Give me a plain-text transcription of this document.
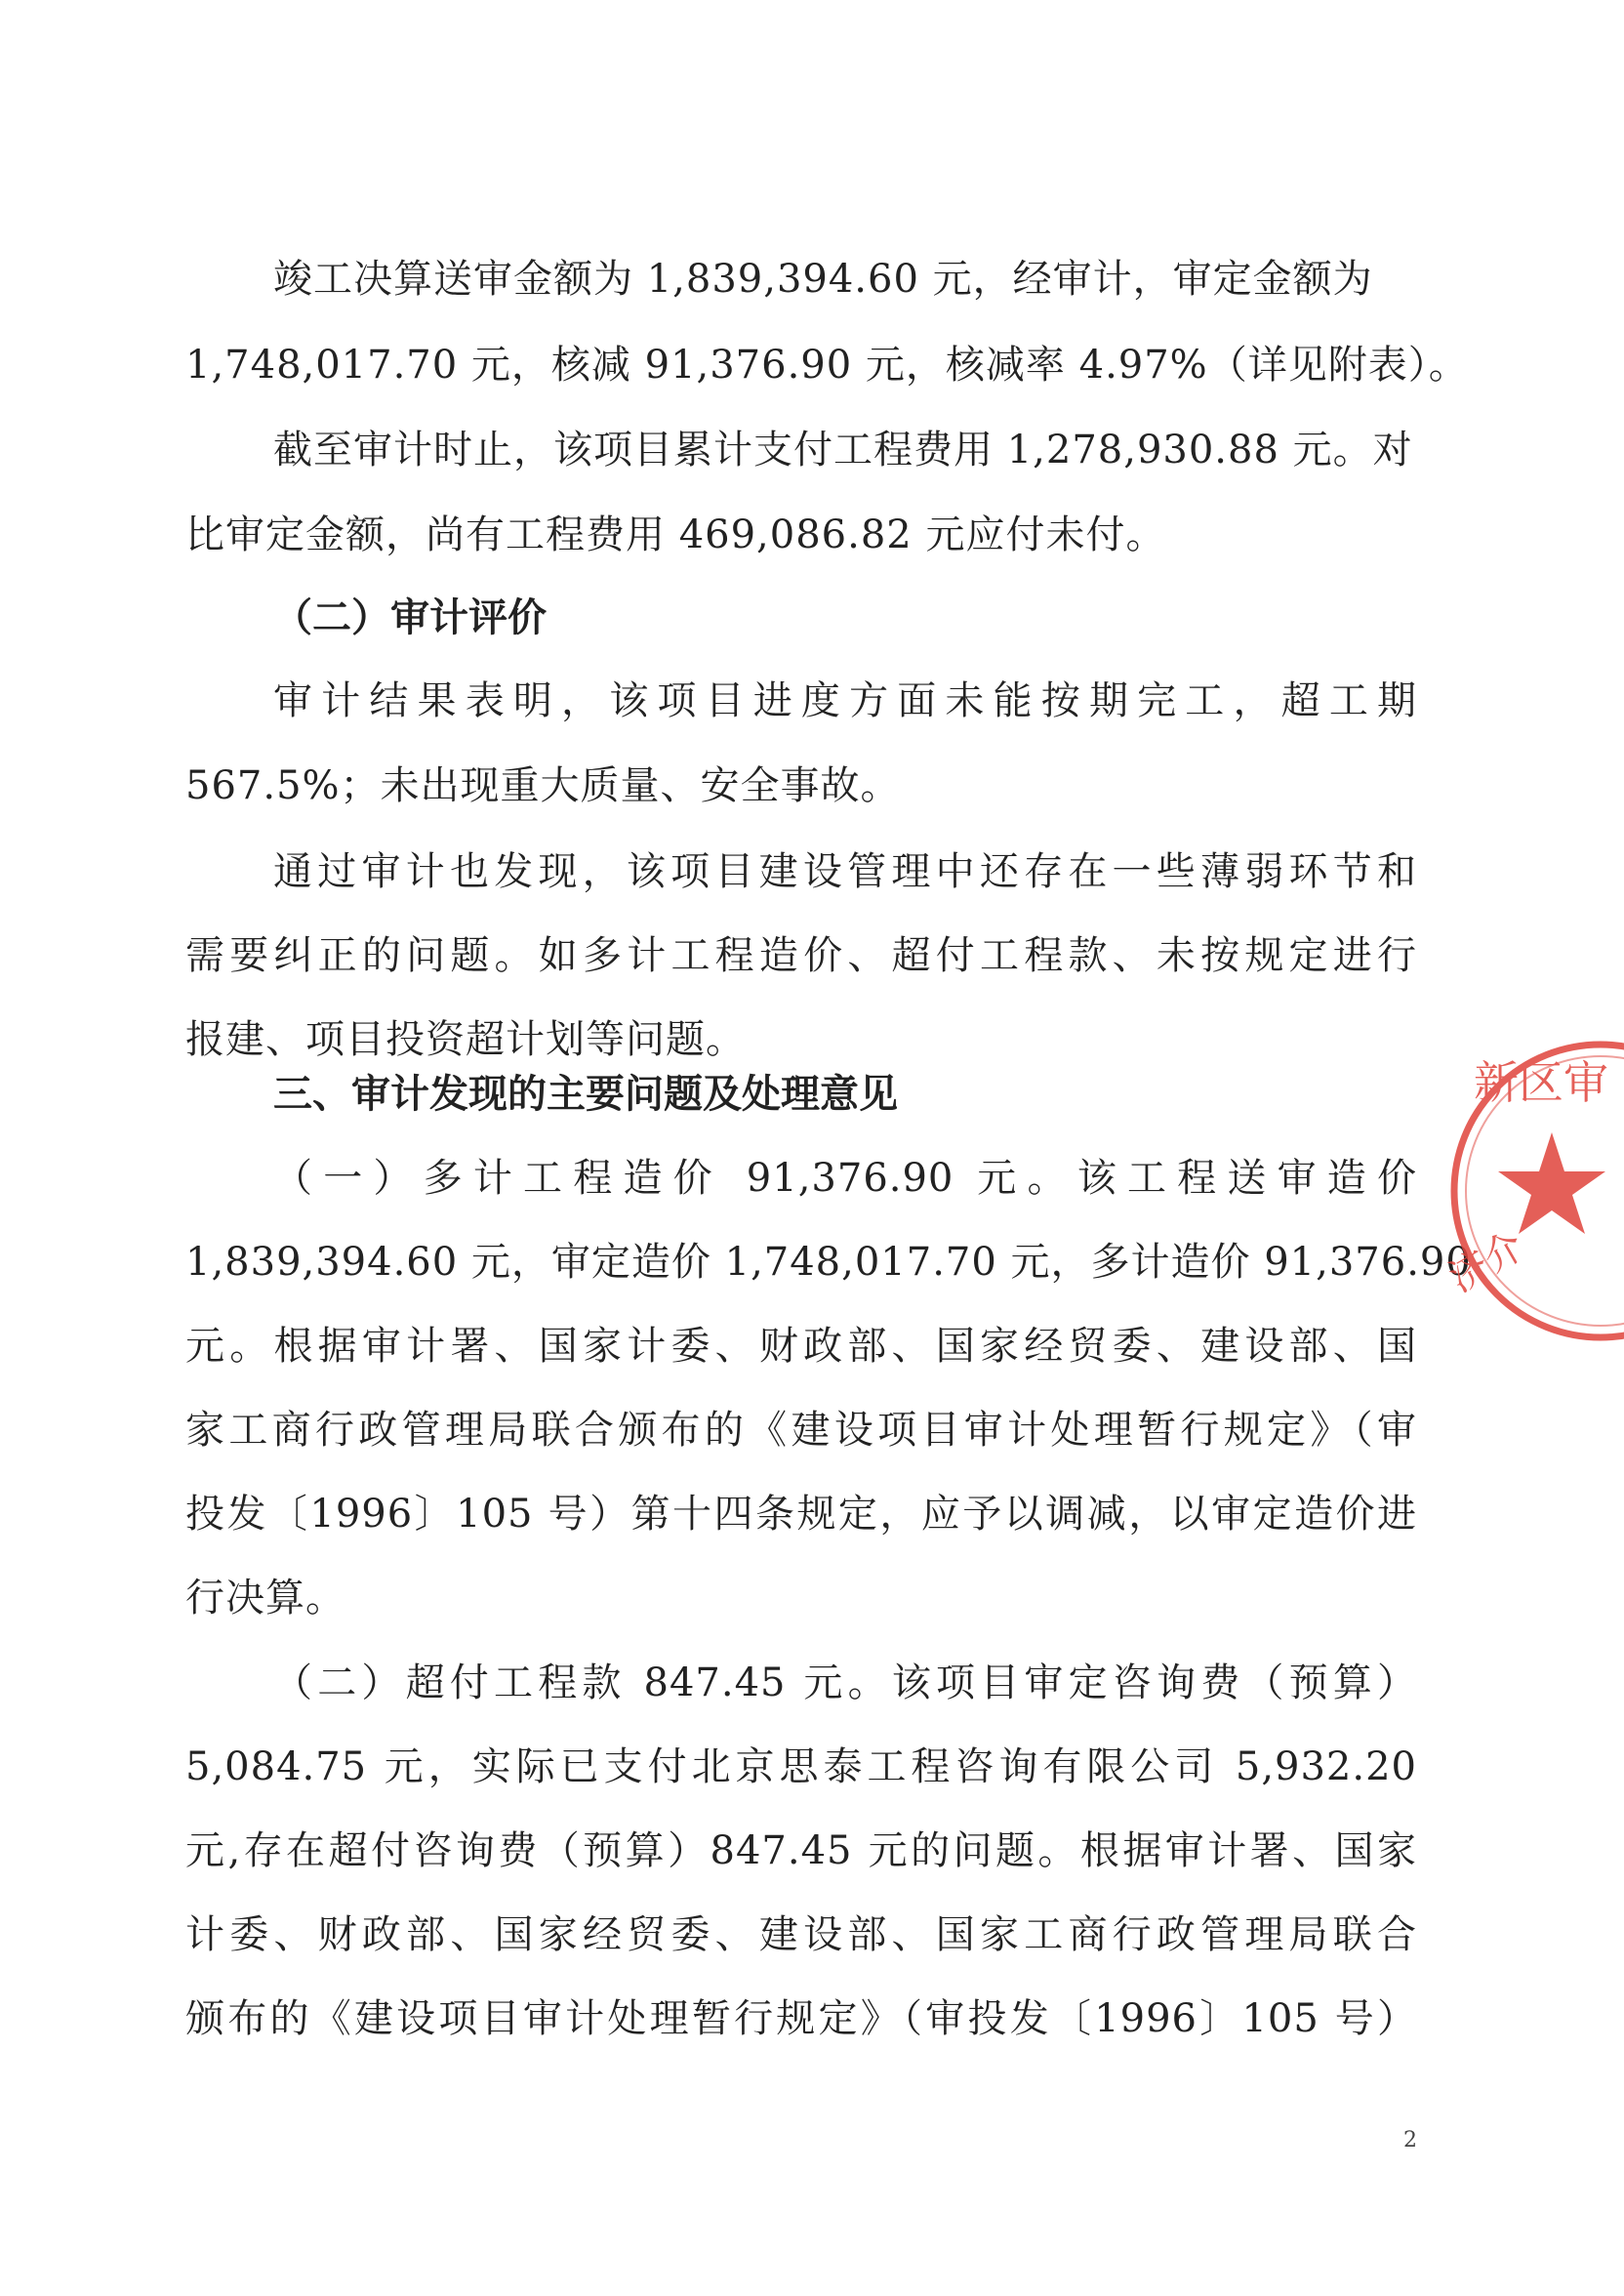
竣工决算送审金额为 1,839,394.60 元，经审计，审定金额为
1,748,017.70 元，核减 91,376.90 元，核减率 4.97%（详见附表）。
截至审计时止，该项目累计支付工程费用 1,278,930.88 元。对
比审定金额，尚有工程费用 469,086.82 元应付未付。
（二）审计评价
审计结果表明，该项目进度方面未能按期完工，超工期
567.5%；未出现重大质量、安全事故。
通过审计也发现，该项目建设管理中还存在一些薄弱环节和
需要纠正的问题。如多计工程造价、超付工程款、未按规定进行
报建、项目投资超计划等问题。
三、审计发现的主要问题及处理意见
（一）多计工程造价 91,376.90 元。该工程送审造价
1,839,394.60 元，审定造价 1,748,017.70 元，多计造价 91,376.90
元。根据审计署、国家计委、财政部、国家经贸委、建设部、国
家工商行政管理局联合颁布的《建设项目审计处理暂行规定》（审
投发〔1996〕105 号）第十四条规定，应予以调减，以审定造价进
行决算。
（二）超付工程款 847.45 元。该项目审定咨询费（预算）
5,084.75 元，实际已支付北京思泰工程咨询有限公司 5,932.20
元,存在超付咨询费（预算）847.45 元的问题。根据审计署、国家
计委、财政部、国家经贸委、建设部、国家工商行政管理局联合
颁布的《建设项目审计处理暂行规定》（审投发〔1996〕105 号）
2
新区审
济介
